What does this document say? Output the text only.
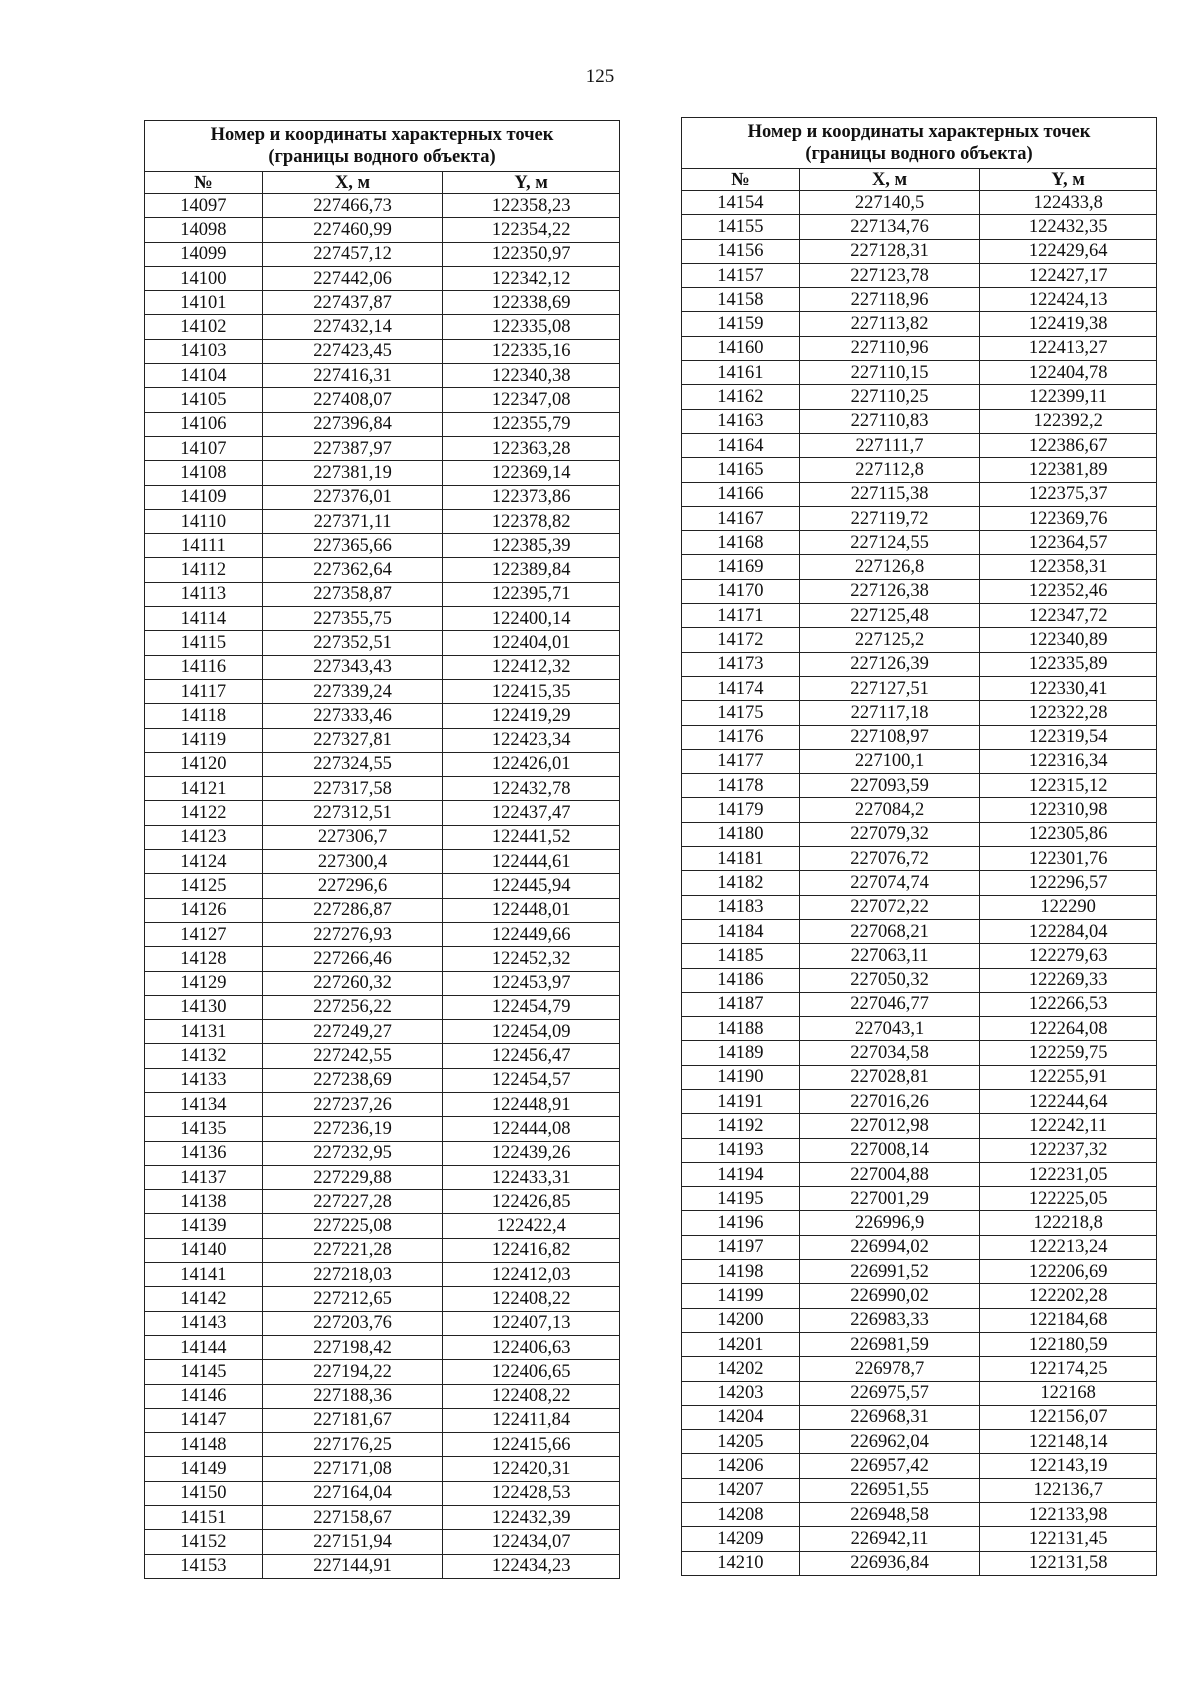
125
Номер и координаты характерных точек
(границы водного объекта)		

№	X, м	Y, м
14097	227466,73	122358,23
14098	227460,99	122354,22
14099	227457,12	122350,97
14100	227442,06	122342,12
14101	227437,87	122338,69
14102	227432,14	122335,08
14103	227423,45	122335,16
14104	227416,31	122340,38
14105	227408,07	122347,08
14106	227396,84	122355,79
14107	227387,97	122363,28
14108	227381,19	122369,14
14109	227376,01	122373,86
14110	227371,11	122378,82
14111	227365,66	122385,39
14112	227362,64	122389,84
14113	227358,87	122395,71
14114	227355,75	122400,14
14115	227352,51	122404,01
14116	227343,43	122412,32
14117	227339,24	122415,35
14118	227333,46	122419,29
14119	227327,81	122423,34
14120	227324,55	122426,01
14121	227317,58	122432,78
14122	227312,51	122437,47
14123	227306,7	122441,52
14124	227300,4	122444,61
14125	227296,6	122445,94
14126	227286,87	122448,01
14127	227276,93	122449,66
14128	227266,46	122452,32
14129	227260,32	122453,97
14130	227256,22	122454,79
14131	227249,27	122454,09
14132	227242,55	122456,47
14133	227238,69	122454,57
14134	227237,26	122448,91
14135	227236,19	122444,08
14136	227232,95	122439,26
14137	227229,88	122433,31
14138	227227,28	122426,85
14139	227225,08	122422,4
14140	227221,28	122416,82
14141	227218,03	122412,03
14142	227212,65	122408,22
14143	227203,76	122407,13
14144	227198,42	122406,63
14145	227194,22	122406,65
14146	227188,36	122408,22
14147	227181,67	122411,84
14148	227176,25	122415,66
14149	227171,08	122420,31
14150	227164,04	122428,53
14151	227158,67	122432,39
14152	227151,94	122434,07
14153	227144,91	122434,23
Номер и координаты характерных точек
(границы водного объекта)		

№	X, м	Y, м
14154	227140,5	122433,8
14155	227134,76	122432,35
14156	227128,31	122429,64
14157	227123,78	122427,17
14158	227118,96	122424,13
14159	227113,82	122419,38
14160	227110,96	122413,27
14161	227110,15	122404,78
14162	227110,25	122399,11
14163	227110,83	122392,2
14164	227111,7	122386,67
14165	227112,8	122381,89
14166	227115,38	122375,37
14167	227119,72	122369,76
14168	227124,55	122364,57
14169	227126,8	122358,31
14170	227126,38	122352,46
14171	227125,48	122347,72
14172	227125,2	122340,89
14173	227126,39	122335,89
14174	227127,51	122330,41
14175	227117,18	122322,28
14176	227108,97	122319,54
14177	227100,1	122316,34
14178	227093,59	122315,12
14179	227084,2	122310,98
14180	227079,32	122305,86
14181	227076,72	122301,76
14182	227074,74	122296,57
14183	227072,22	122290
14184	227068,21	122284,04
14185	227063,11	122279,63
14186	227050,32	122269,33
14187	227046,77	122266,53
14188	227043,1	122264,08
14189	227034,58	122259,75
14190	227028,81	122255,91
14191	227016,26	122244,64
14192	227012,98	122242,11
14193	227008,14	122237,32
14194	227004,88	122231,05
14195	227001,29	122225,05
14196	226996,9	122218,8
14197	226994,02	122213,24
14198	226991,52	122206,69
14199	226990,02	122202,28
14200	226983,33	122184,68
14201	226981,59	122180,59
14202	226978,7	122174,25
14203	226975,57	122168
14204	226968,31	122156,07
14205	226962,04	122148,14
14206	226957,42	122143,19
14207	226951,55	122136,7
14208	226948,58	122133,98
14209	226942,11	122131,45
14210	226936,84	122131,58
